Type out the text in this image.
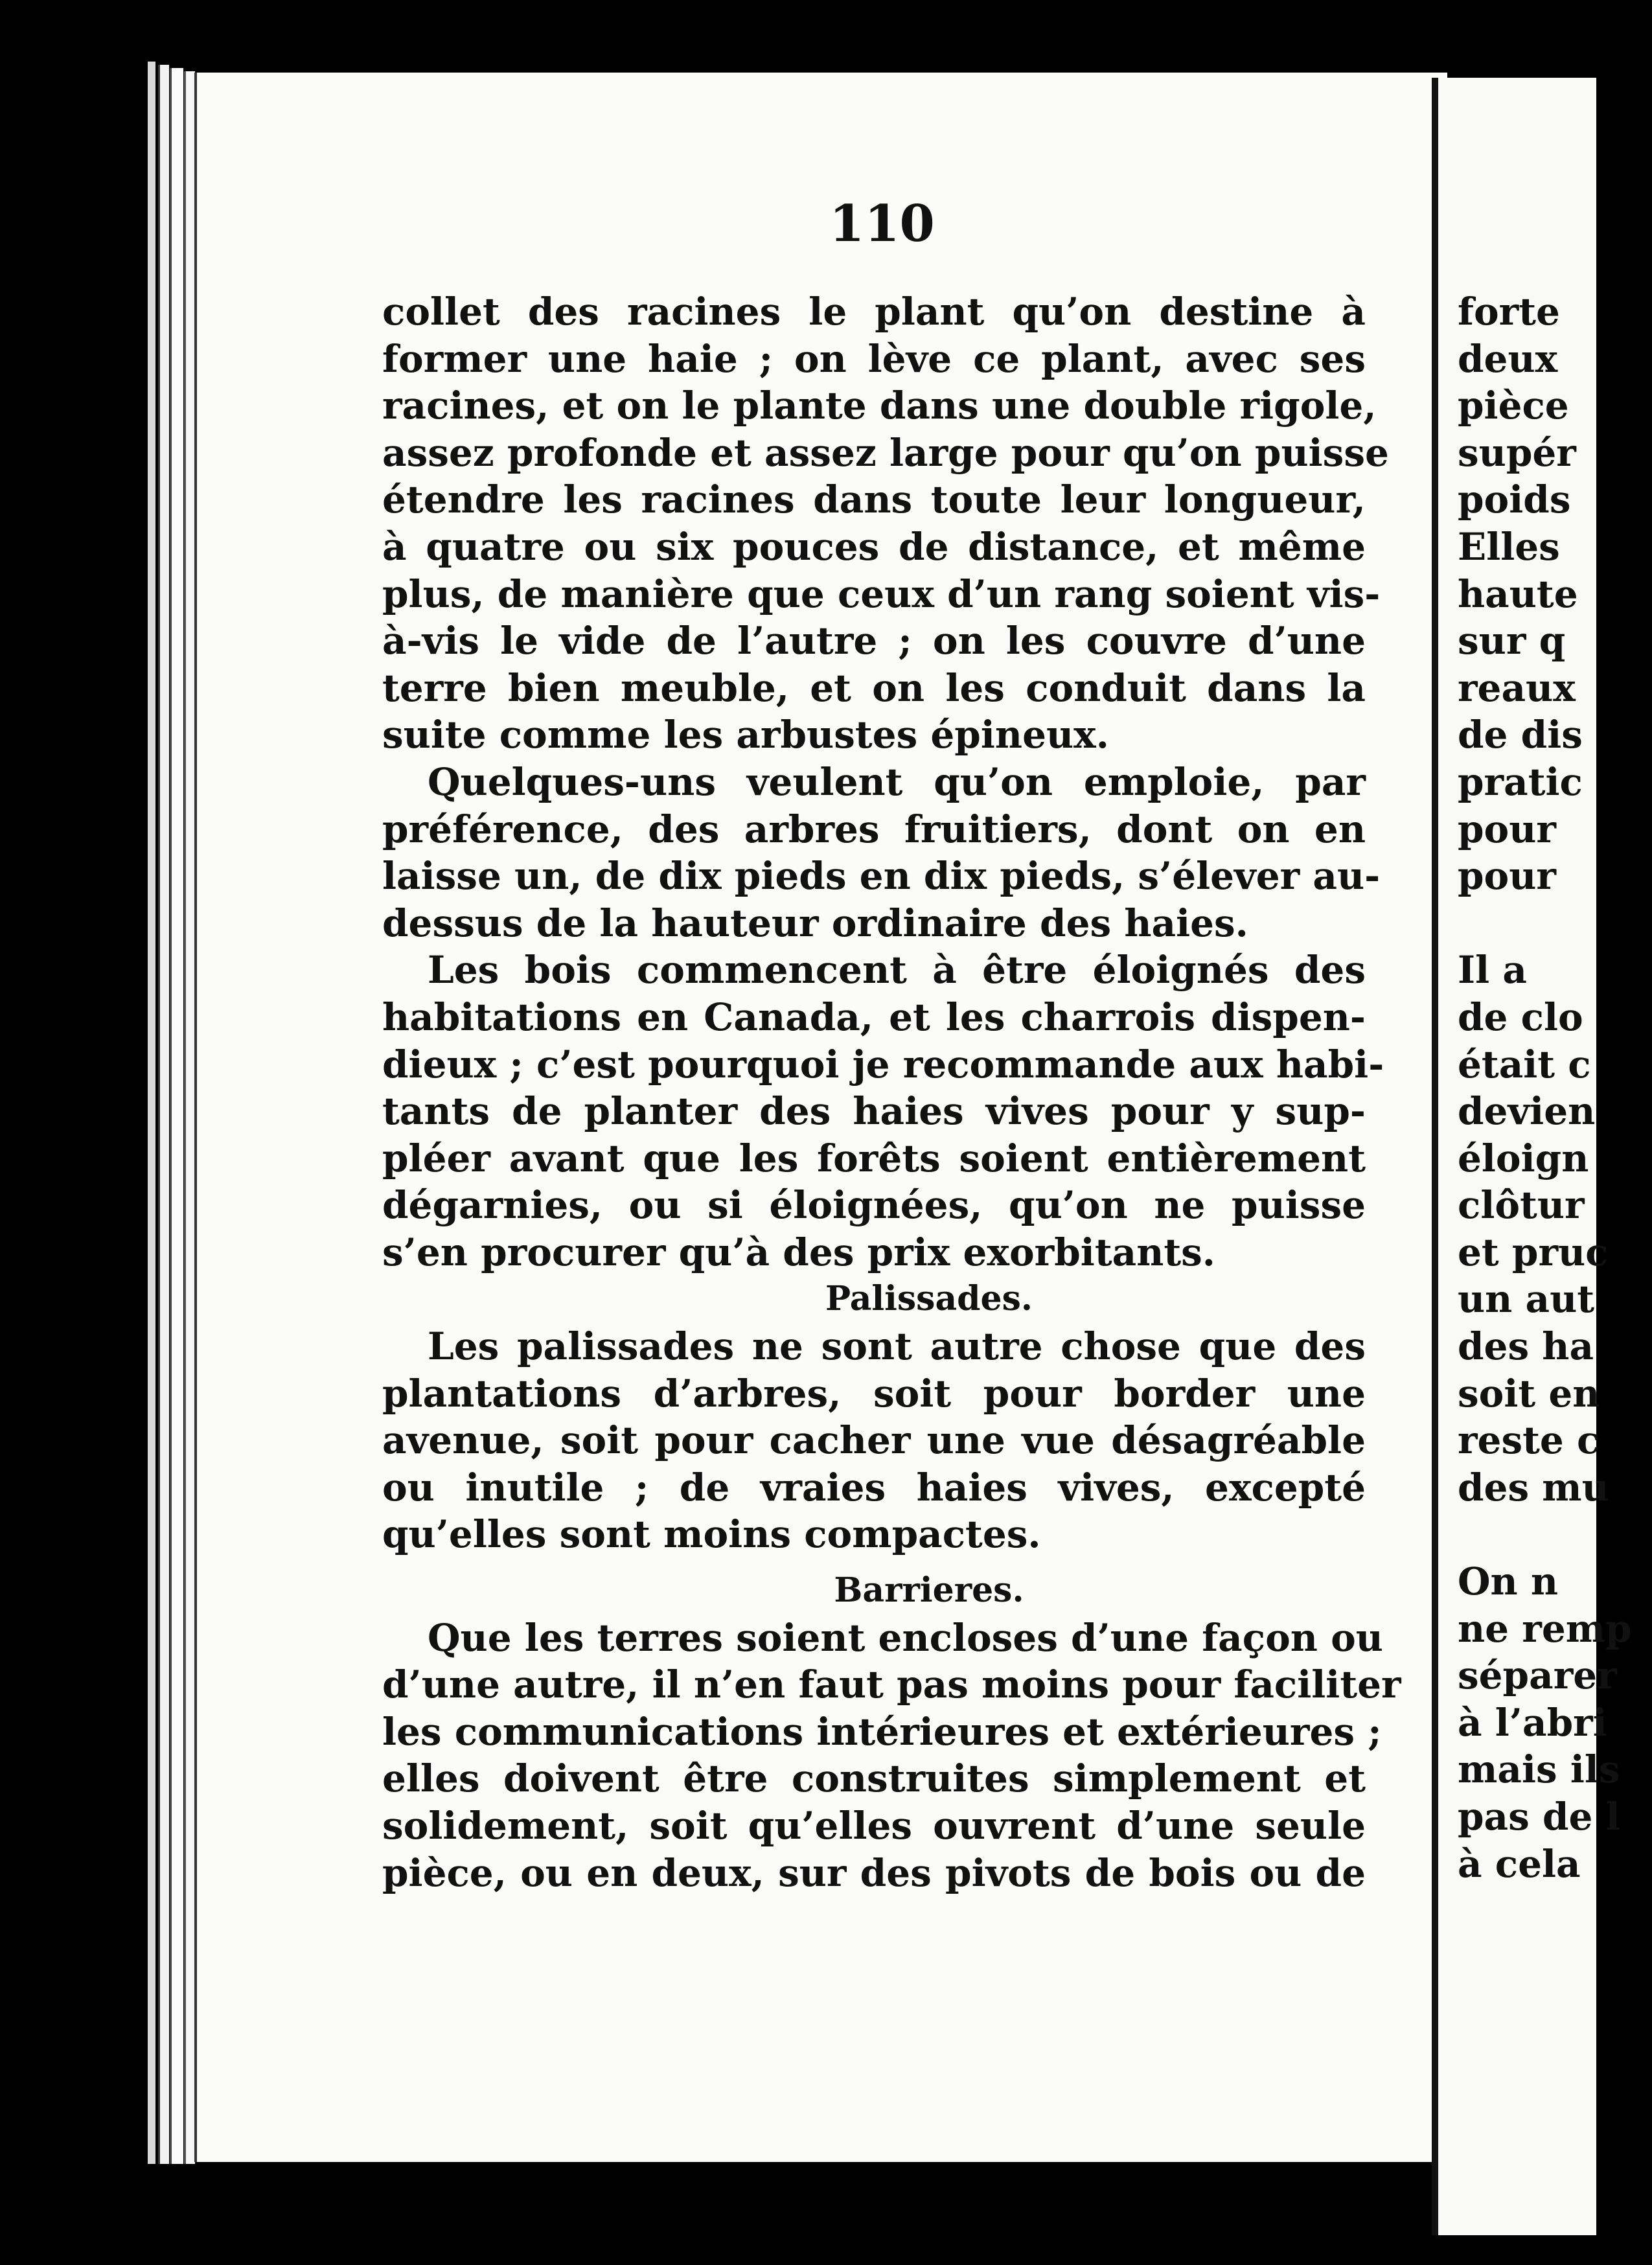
110
collet des racines le plant qu’on destine à
former une haie ; on lève ce plant, avec ses
racines, et on le plante dans une double rigole,
assez profonde et assez large pour qu’on puisse
étendre les racines dans toute leur longueur,
à quatre ou six pouces de distance, et même
plus, de manière que ceux d’un rang soient vis-
à-vis le vide de l’autre ; on les couvre d’une
terre bien meuble, et on les conduit dans la
suite comme les arbustes épineux.
Quelques-uns veulent qu’on emploie, par
préférence, des arbres fruitiers, dont on en
laisse un, de dix pieds en dix pieds, s’élever au-
dessus de la hauteur ordinaire des haies.
Les bois commencent à être éloignés des
habitations en Canada, et les charrois dispen-
dieux ; c’est pourquoi je recommande aux habi-
tants de planter des haies vives pour y sup-
pléer avant que les forêts soient entièrement
dégarnies, ou si éloignées, qu’on ne puisse
s’en procurer qu’à des prix exorbitants.
Palissades.
Les palissades ne sont autre chose que des
plantations d’arbres, soit pour border une
avenue, soit pour cacher une vue désagréable
ou inutile ; de vraies haies vives, excepté
qu’elles sont moins compactes.
Barrieres.
Que les terres soient encloses d’une façon ou
d’une autre, il n’en faut pas moins pour faciliter
les communications intérieures et extérieures ;
elles doivent être construites simplement et
solidement, soit qu’elles ouvrent d’une seule
pièce, ou en deux, sur des pivots de bois ou de
forte
deux
pièce
supér
poids
Elles
haute
sur q
reaux
de dis
pratic
pour
pour
Il a
de clo
était c
devien
éloign
clôtur
et pruc
un aut
des ha
soit en
reste c
des mu
On n
ne remp
séparer
à l’abri
mais ils
pas de l
à cela
